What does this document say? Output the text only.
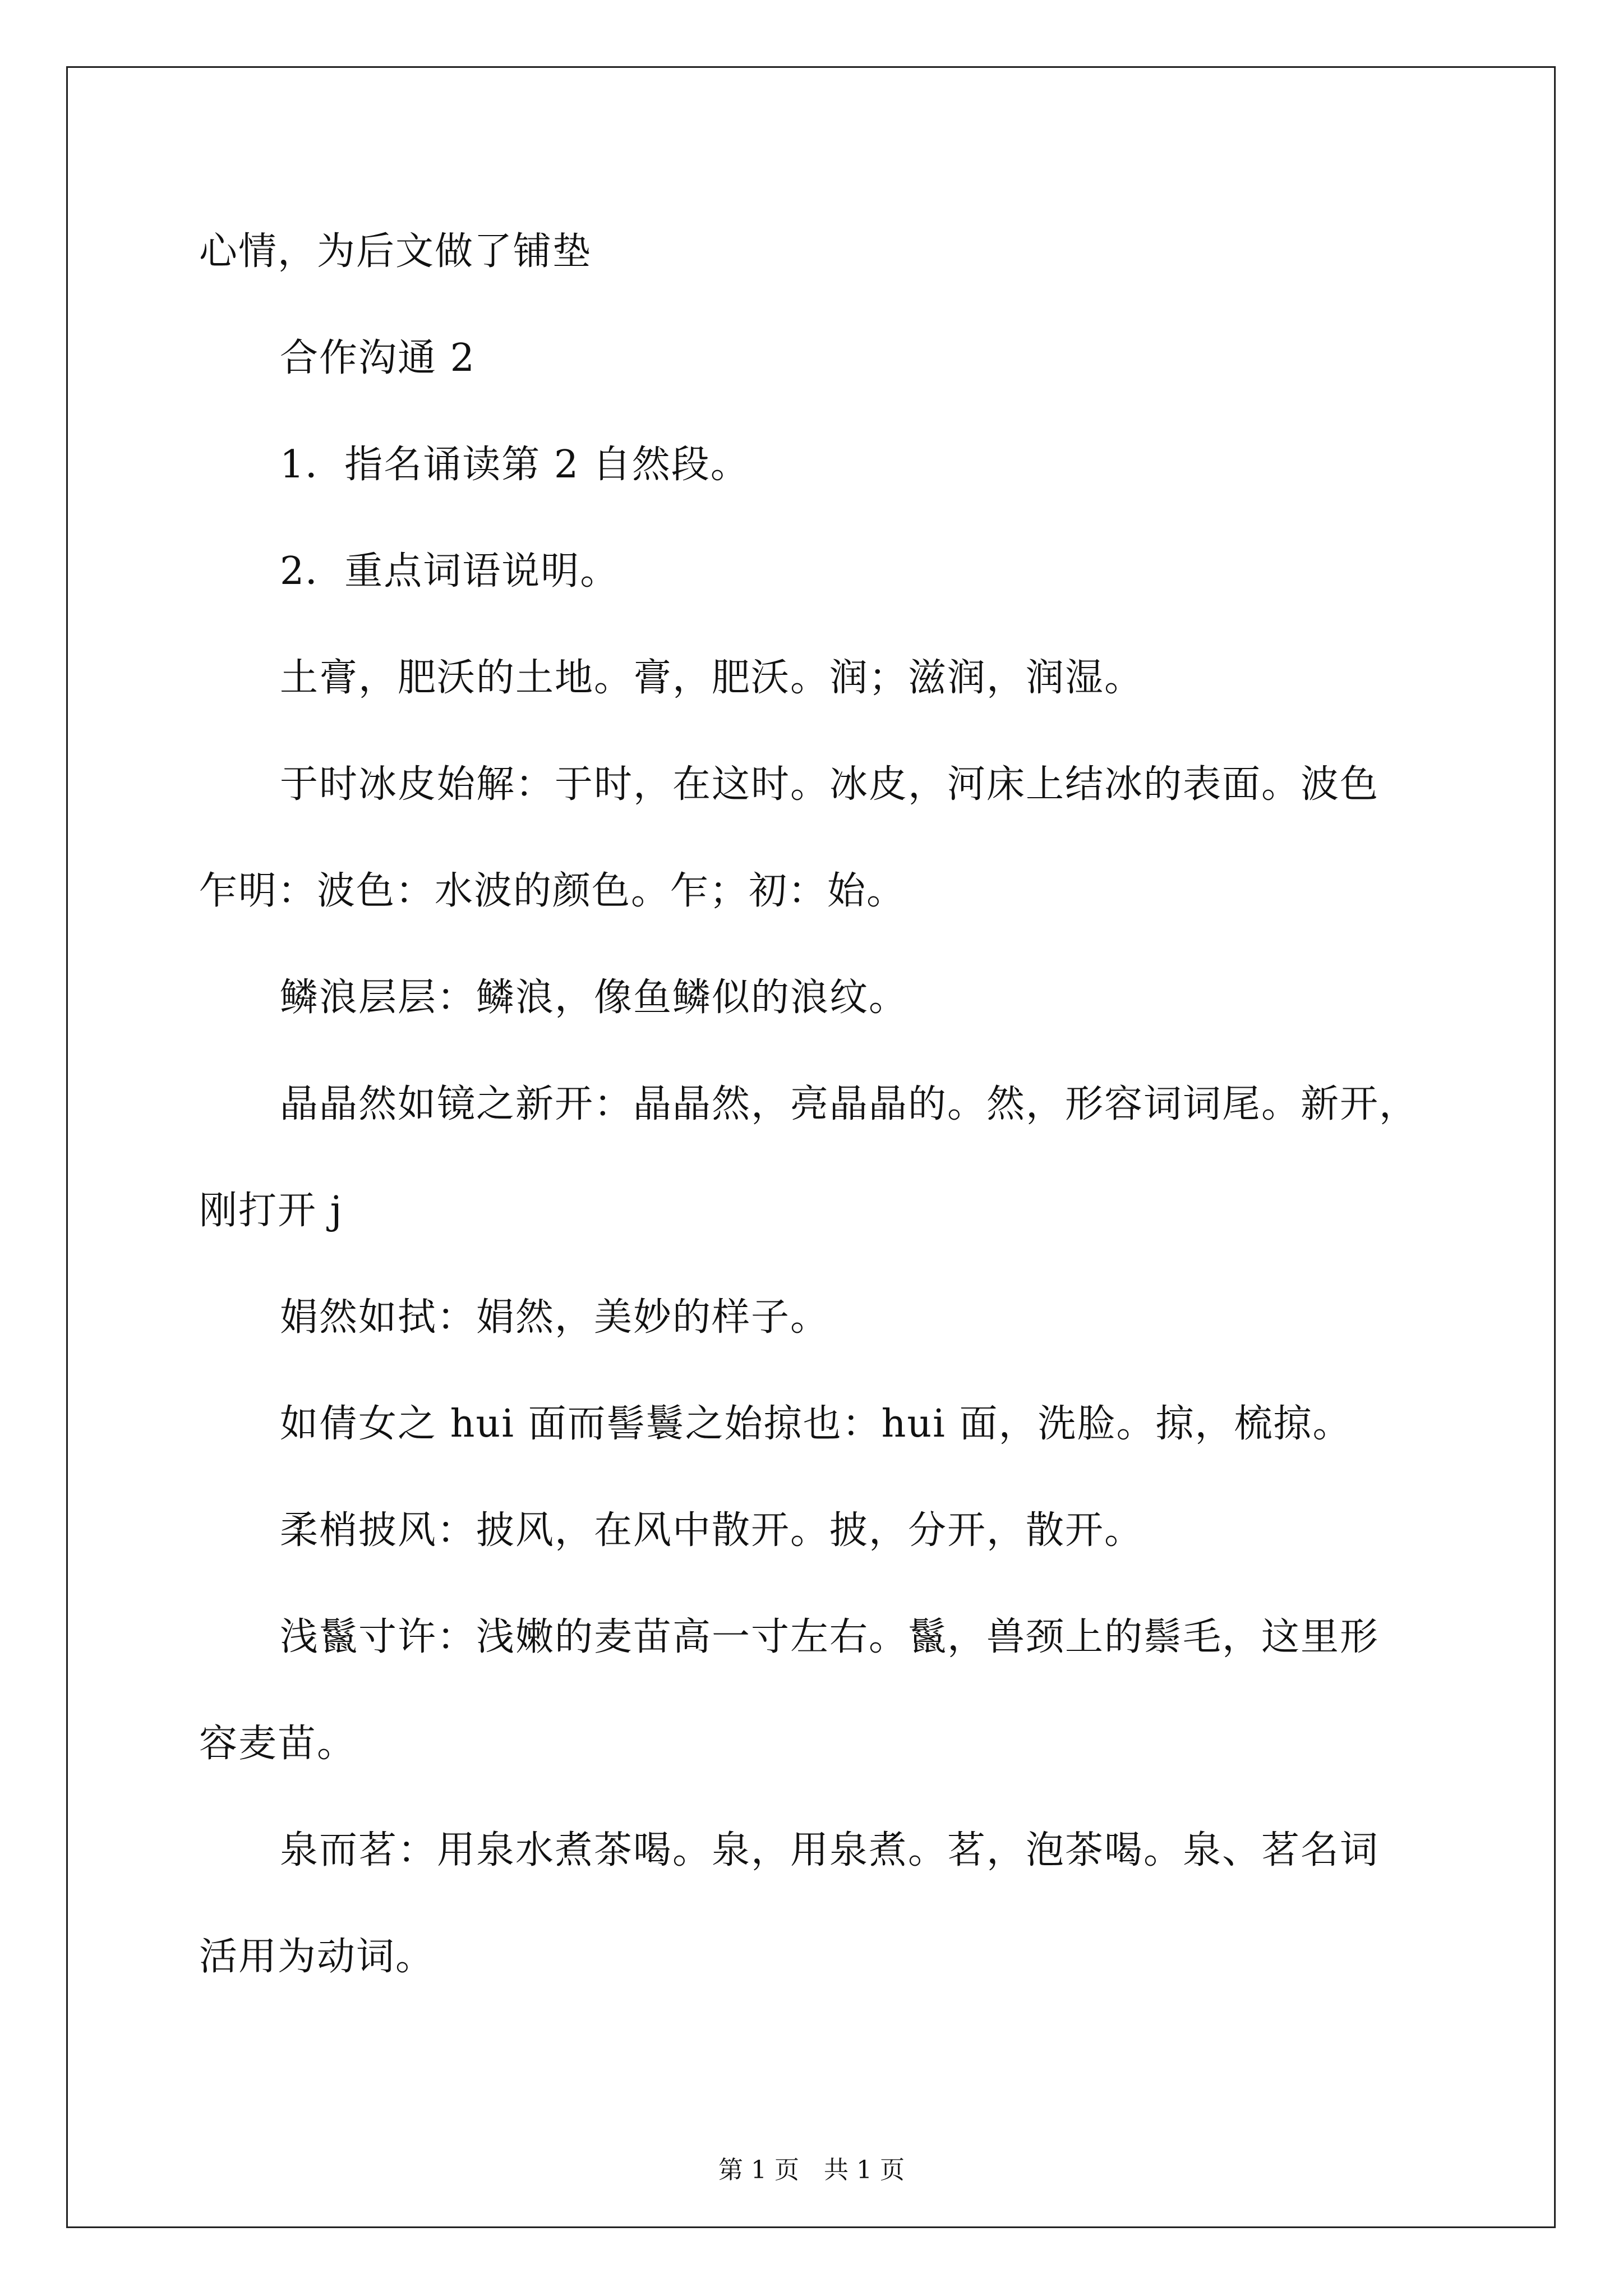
心情，为后文做了铺垫
合作沟通 2
1．指名诵读第 2 自然段。
2．重点词语说明。
土膏，肥沃的土地。膏，肥沃。润；滋润，润湿。
于时冰皮始解：于时，在这时。冰皮，河床上结冰的表面。波色
乍明：波色：水波的颜色。乍；初：始。
鳞浪层层：鳞浪，像鱼鳞似的浪纹。
晶晶然如镜之新开：晶晶然，亮晶晶的。然，形容词词尾。新开，
刚打开 j
娟然如拭：娟然，美妙的样子。
如倩女之 hui 面而髻鬟之始掠也：hui 面，洗脸。掠，梳掠。
柔梢披风：披风，在风中散开。披，分开，散开。
浅鬣寸许：浅嫩的麦苗高一寸左右。鬣，兽颈上的鬃毛，这里形
容麦苗。
泉而茗：用泉水煮茶喝。泉，用泉煮。茗，泡茶喝。泉、茗名词
活用为动词。
第 1 页　共 1 页
